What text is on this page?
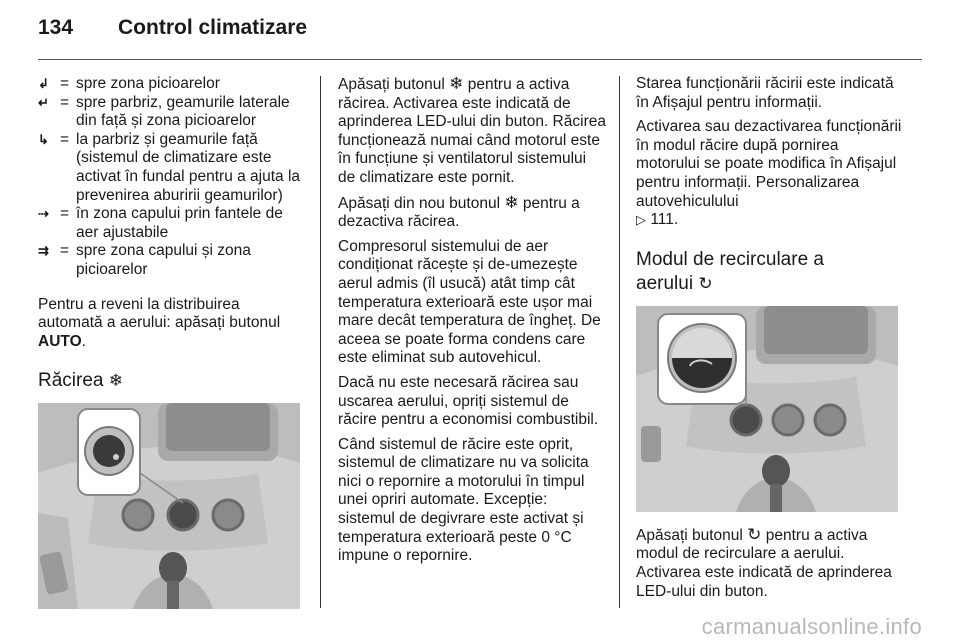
134	Control climatizare
↲ = spre zona picioarelor
↵ = spre parbriz, geamurile laterale din față și zona picioarelor
↳ = la parbriz și geamurile față (sistemul de climatizare este activat în fundal pentru a ajuta la prevenirea aburirii geamurilor)
⇢ = în zona capului prin fantele de aer ajustabile
⇉ = spre zona capului și zona picioarelor

Pentru a reveni la distribuirea automată a aerului: apăsați butonul AUTO.

Răcirea ❄

Apăsați butonul ❄ pentru a activa răcirea. Activarea este indicată de aprinderea LED-ului din buton. Răcirea funcționează numai când motorul este în funcțiune și ventilatorul sistemului de climatizare este pornit.

Apăsați din nou butonul ❄ pentru a dezactiva răcirea.

Compresorul sistemului de aer condiționat răcește și de-umezește aerul admis (îl usucă) atât timp cât temperatura exterioară este ușor mai mare decât temperatura de îngheț. De aceea se poate forma condens care este eliminat sub autovehicul.

Dacă nu este necesară răcirea sau uscarea aerului, opriți sistemul de răcire pentru a economisi combustibil.

Când sistemul de răcire este oprit, sistemul de climatizare nu va solicita nici o repornire a motorului în timpul unei opriri automate. Excepție: sistemul de degivrare este activat și temperatura exterioară peste 0 °C impune o repornire.

Starea funcționării răcirii este indicată în Afișajul pentru informații.

Activarea sau dezactivarea funcționării în modul răcire după pornirea motorului se poate modifica în Afișajul pentru informații. Personalizarea autovehiculului
▷ 111.

Modul de recirculare a
aerului ↻

Apăsați butonul ↻ pentru a activa modul de recirculare a aerului. Activarea este indicată de aprinderea LED-ului din buton.

carmanualsonline.info
